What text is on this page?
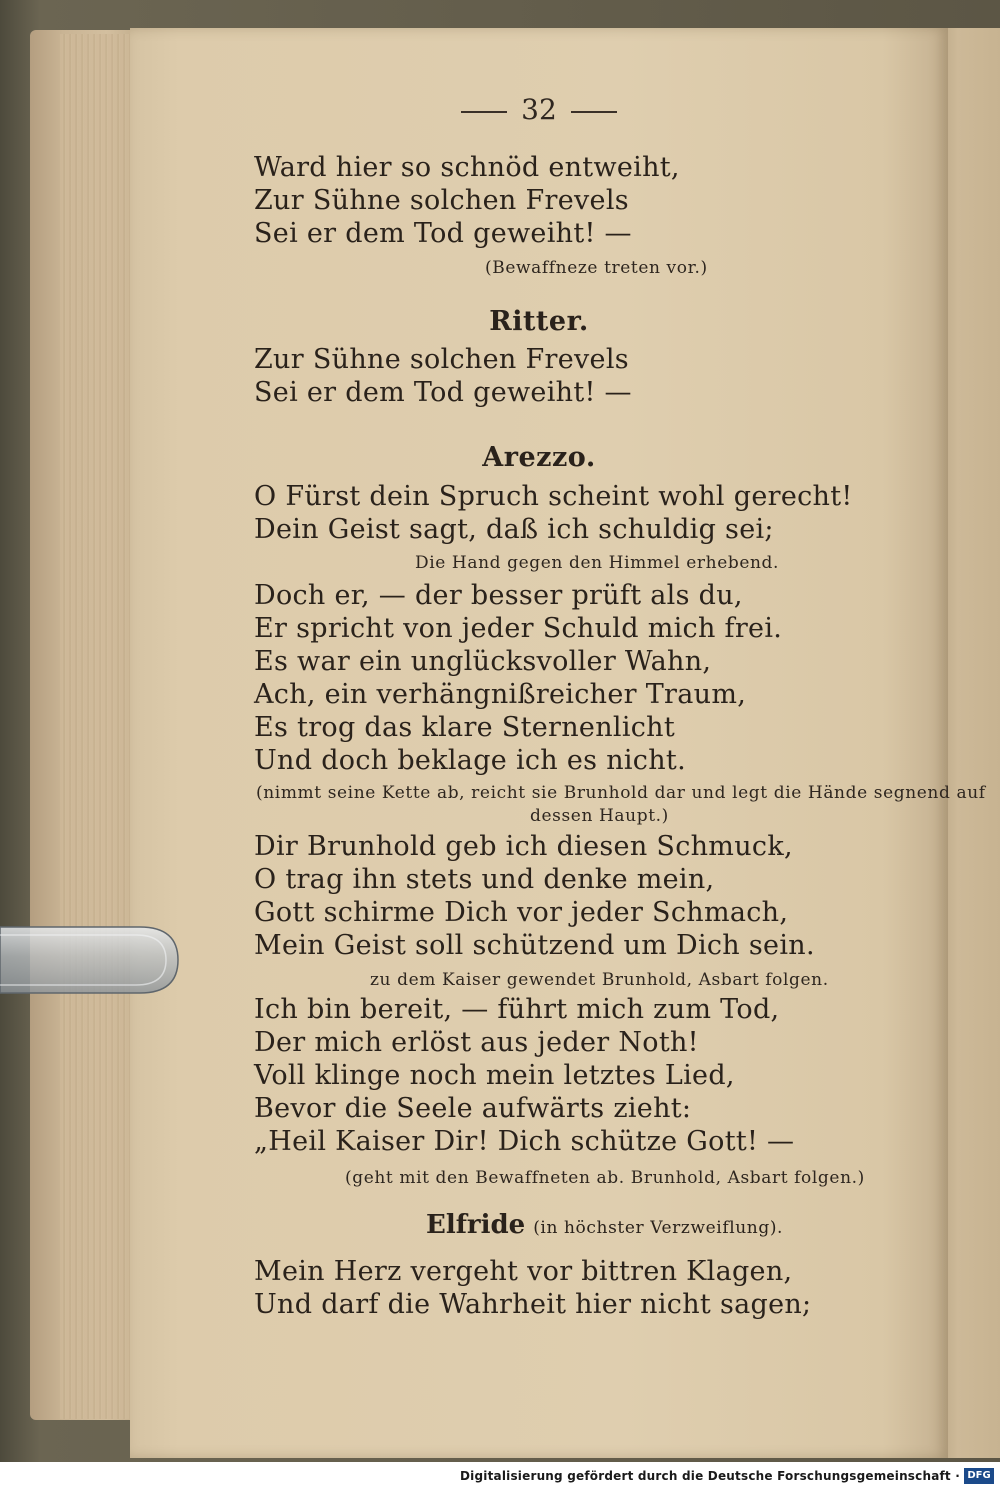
32
Ward hier so schnöd entweiht,
Zur Sühne solchen Frevels
Sei er dem Tod geweiht! —
(Bewaffneze treten vor.)
Ritter.
Zur Sühne solchen Frevels
Sei er dem Tod geweiht! —
Arezzo.
O Fürst dein Spruch scheint wohl gerecht!
Dein Geist sagt, daß ich schuldig sei;
Die Hand gegen den Himmel erhebend.
Doch er, — der besser prüft als du,
Er spricht von jeder Schuld mich frei.
Es war ein unglücksvoller Wahn,
Ach, ein verhängnißreicher Traum,
Es trog das klare Sternenlicht
Und doch beklage ich es nicht.
(nimmt seine Kette ab, reicht sie Brunhold dar und legt die Hände segnend auf
dessen Haupt.)
Dir Brunhold geb ich diesen Schmuck,
O trag ihn stets und denke mein,
Gott schirme Dich vor jeder Schmach,
Mein Geist soll schützend um Dich sein.
zu dem Kaiser gewendet Brunhold, Asbart folgen.
Ich bin bereit, — führt mich zum Tod,
Der mich erlöst aus jeder Noth!
Voll klinge noch mein letztes Lied,
Bevor die Seele aufwärts zieht:
„Heil Kaiser Dir! Dich schütze Gott! —
(geht mit den Bewaffneten ab. Brunhold, Asbart folgen.)
Elfride (in höchster Verzweiflung).
Mein Herz vergeht vor bittren Klagen,
Und darf die Wahrheit hier nicht sagen;
Digitalisierung gefördert durch die Deutsche Forschungsgemeinschaft · DFG
